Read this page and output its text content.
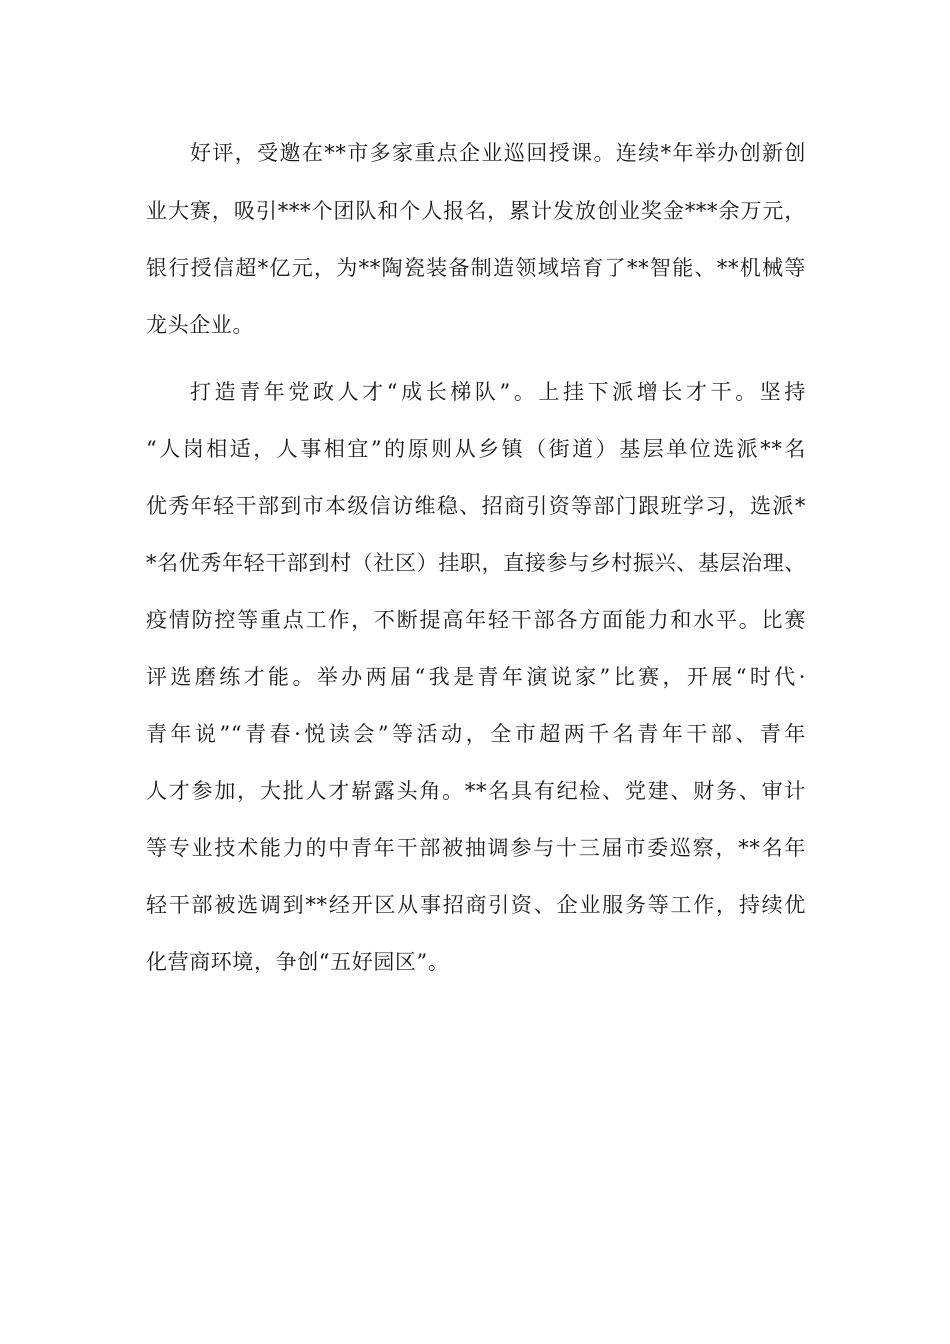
好评，受邀在**市多家重点企业巡回授课。连续*年举办创新创
业大赛，吸引***个团队和个人报名，累计发放创业奖金***余万元，
银行授信超*亿元，为**陶瓷装备制造领域培育了**智能、**机械等
龙头企业。
打造青年党政人才“成长梯队”。上挂下派增长才干。坚持
“人岗相适，人事相宜”的原则从乡镇（街道）基层单位选派**名
优秀年轻干部到市本级信访维稳、招商引资等部门跟班学习，选派*
*名优秀年轻干部到村（社区）挂职，直接参与乡村振兴、基层治理、
疫情防控等重点工作，不断提高年轻干部各方面能力和水平。比赛
评选磨练才能。举办两届“我是青年演说家”比赛，开展“时代·
青年说”“青春·悦读会”等活动，全市超两千名青年干部、青年
人才参加，大批人才崭露头角。**名具有纪检、党建、财务、审计
等专业技术能力的中青年干部被抽调参与十三届市委巡察，**名年
轻干部被选调到**经开区从事招商引资、企业服务等工作，持续优
化营商环境，争创“五好园区”。
